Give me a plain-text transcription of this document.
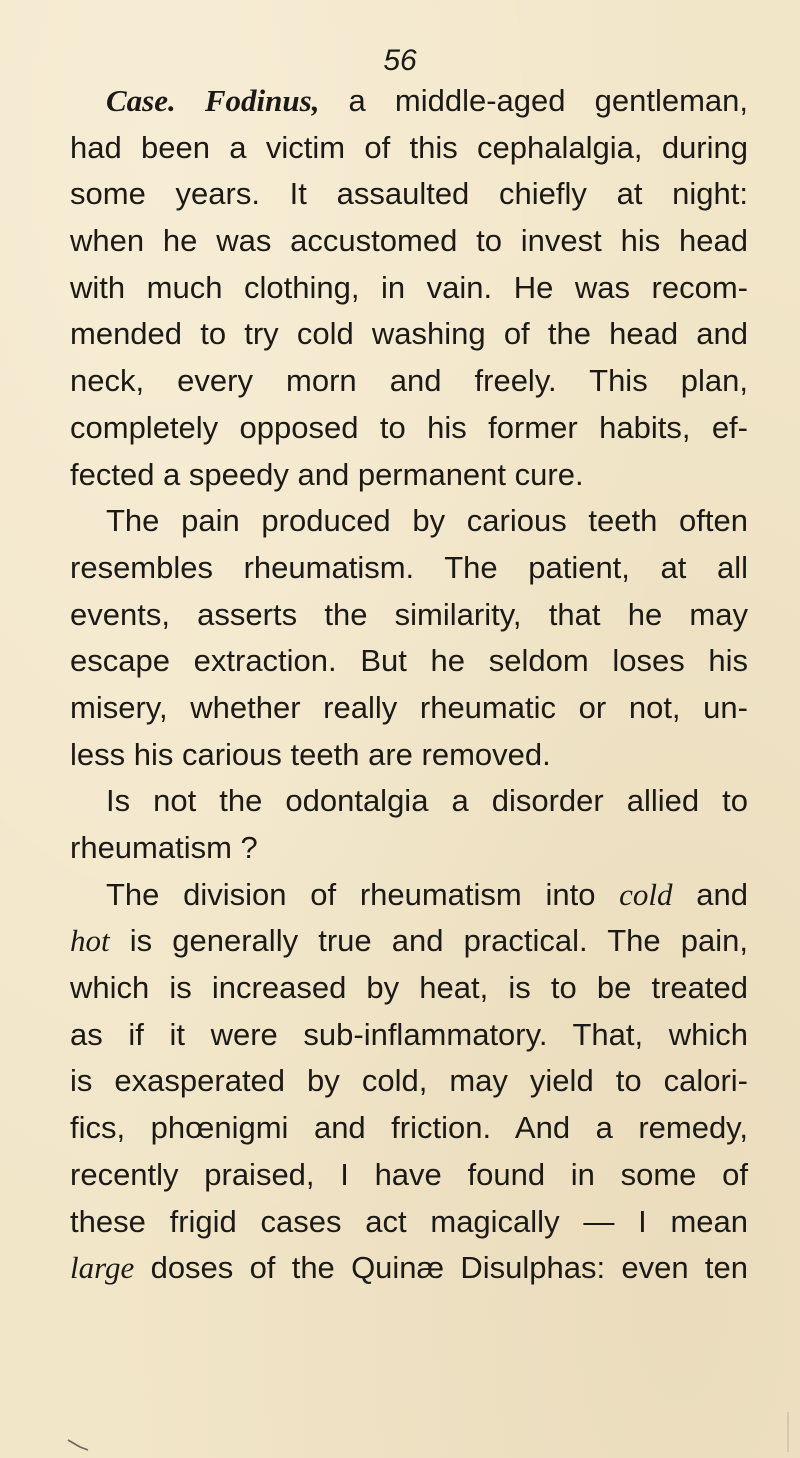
56
Case. Fodinus, a middle-aged gentleman,
had been a victim of this cephalalgia, during
some years. It assaulted chiefly at night:
when he was accustomed to invest his head
with much clothing, in vain. He was recom-
mended to try cold washing of the head and
neck, every morn and freely. This plan,
completely opposed to his former habits, ef-
fected a speedy and permanent cure.
The pain produced by carious teeth often
resembles rheumatism. The patient, at all
events, asserts the similarity, that he may
escape extraction. But he seldom loses his
misery, whether really rheumatic or not, un-
less his carious teeth are removed.
Is not the odontalgia a disorder allied to
rheumatism ?
The division of rheumatism into cold and
hot is generally true and practical. The pain,
which is increased by heat, is to be treated
as if it were sub-inflammatory. That, which
is exasperated by cold, may yield to calori-
fics, phœnigmi and friction. And a remedy,
recently praised, I have found in some of
these frigid cases act magically — I mean
large doses of the Quinæ Disulphas: even ten
